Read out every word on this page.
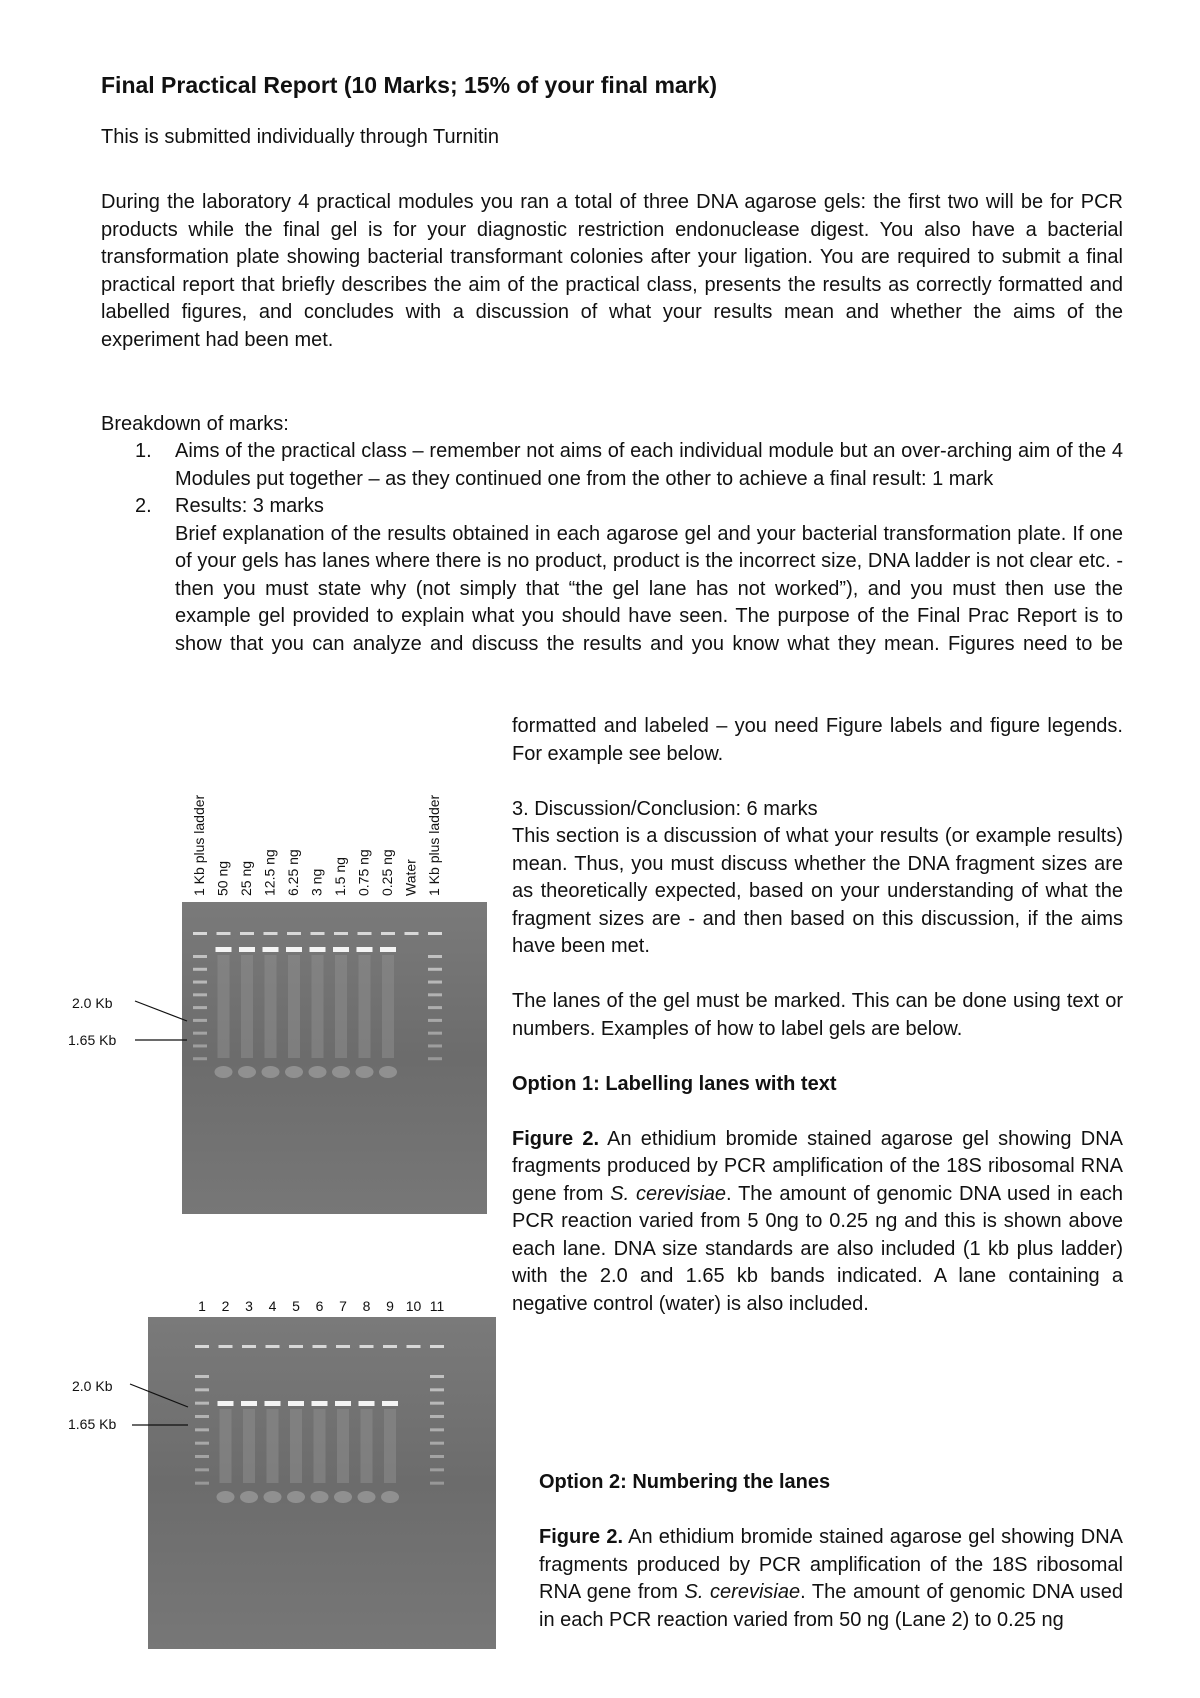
Final Practical Report (10 Marks; 15% of your final mark)
This is submitted individually through Turnitin
During the laboratory 4 practical modules you ran a total of three DNA agarose gels: the first two will be for PCR products while the final gel is for your diagnostic restriction endonuclease digest. You also have a bacterial transformation plate showing bacterial transformant colonies after your ligation. You are required to submit a final practical report that briefly describes the aim of the practical class, presents the results as correctly formatted and labelled figures, and concludes with a discussion of what your results mean and whether the aims of the experiment had been met.
Breakdown of marks:
1. Aims of the practical class – remember not aims of each individual module but an over-arching aim of the 4 Modules put together – as they continued one from the other to achieve a final result: 1 mark
2. Results: 3 marks
Brief explanation of the results obtained in each agarose gel and your bacterial transformation plate. If one of your gels has lanes where there is no product, product is the incorrect size, DNA ladder is not clear etc. - then you must state why (not simply that “the gel lane has not worked”), and you must then use the example gel provided to explain what you should have seen. The purpose of the Final Prac Report is to show that you can analyze and discuss the results and you know what they mean. Figures need to be

formatted and labeled – you need Figure labels and figure legends. For example see below.

3. Discussion/Conclusion: 6 marks

This section is a discussion of what your results (or example results) mean. Thus, you must discuss whether the DNA fragment sizes are as theoretically expected, based on your understanding of what the fragment sizes are - and then based on this discussion, if the aims have been met.

The lanes of the gel must be marked. This can be done using text or numbers. Examples of how to label gels are below.

Option 1: Labelling lanes with text

Figure 2. An ethidium bromide stained agarose gel showing DNA fragments produced by PCR amplification of the 18S ribosomal RNA gene from S. cerevisiae. The amount of genomic DNA used in each PCR reaction varied from 5 0ng to 0.25 ng and this is shown above each lane. DNA size standards are also included (1 kb plus ladder) with the 2.0 and 1.65 kb bands indicated. A lane containing a negative control (water) is also included.

Option 2: Numbering the lanes

Figure 2. An ethidium bromide stained agarose gel showing DNA fragments produced by PCR amplification of the 18S ribosomal RNA gene from S. cerevisiae. The amount of genomic DNA used in each PCR reaction varied from 50 ng (Lane 2) to 0.25 ng

1 Kb plus ladder 50 ng 25 ng 12.5 ng 6.25 ng 3 ng 1.5 ng 0.75 ng 0.25 ng Water 1 Kb plus ladder
2.0 Kb
1.65 Kb
1 2 3 4 5 6 7 8 9 10 11
2.0 Kb
1.65 Kb
